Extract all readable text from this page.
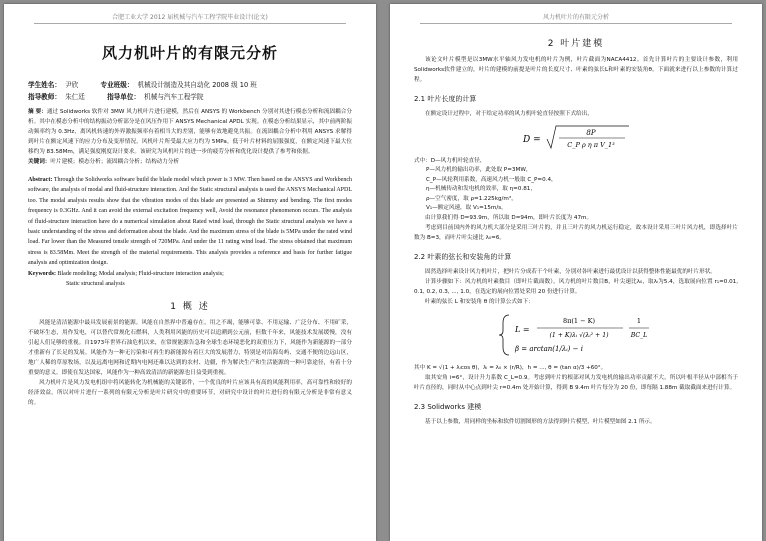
合肥工业大学 2012 届机械与汽车工程学院毕业设计(论文)
风力机叶片的有限元分析
学生姓名： 尹欣	专业班级： 机械设计制造及其自动化 2008 级 10 班
指导教师： 朱仁廷	指导单位： 机械与汽车工程学院
摘 要：通过 Solidworks 软件对 3MW 风力机叶片进行建模，然后在 ANSYS 的 Workbench 分别对其进行模态分析和流固耦合分析。其中在模态分析中的结构振动分析部分是在风压作用下 ANSYS Mechanical APDL 实现。在模态分析结果显示，其中前两阶振动频率约为 0.3Hz，离风机转速的外界激振频率有着相当大的差别，能够有效地避免共振。在流固耦合分析中利用 ANSYS 求解得到叶片在额定风速下的应力分布及变形情况，风机叶片所受最大应力约为 5MPa，低于叶片材料的屈服强度，在额定风速下最大位移约为 83.58Mm，满足强度刚度设计要求。该研究为风机叶片的进一步的疲劳分析和优化设计提供了参考和依据。
关键词：叶片建模；模态分析；流固耦合分析；结构动力分析
Abstract: Through the Solidworks software build the blade model which power is 3 MW. Then based on the ANSYS and Workbench software, the analysis of modal and fluid-structure interaction. And the Static structural analysis is used the ANSYS Mechanical APDL too. The modal analysis results show that the vibration modes of this blade are presented as Shimmy and bending. The first modes frequency is 0.3GHz. And it can avoid the external excitation frequency well, Avoid the resonance phenomenon occurs. The analysis of fluid-structure interaction have do a numerical simulation about Rated wind load, through the Static structural analysis we have a basic understanding of the stress and deformation about the blade. And the maximum stress of the blade is 5MPa under the rated wind load. Far lower than the Measured tensile strength of 720MPa. And under the 11 rating wind load. The stress obtained that maximum stress is 83.58Mm. Meet the strength of the material requirements. This analysis provides a reference and basis for further fatigue analysis and optimization design.
Keywords: Blade modeling; Modal analysis; Fluid-structure interaction analysis;
Static structural analysis
1 概 述

风能是清洁能源中最具发展前景的能源。风能在自然界中普遍存在，用之不竭，能够可靠、不用运输、广泛分布、不用矿采，不破坏生态，用作发电，可以替代常规化石燃料，人类利用风能的历史可以追溯到公元前，但数千年来，风能技术发展缓慢，没有引起人们足够的重视。自1973年世界石油危机以来，在常规能源告急和全球生态环境恶化的双重压力下，风能作为新能源的一部分才重新有了长足的发展。风能作为一种无污染和可再生的新能源有着巨大的发展潜力，特别是对沿海岛屿、交通不便的边远山区，地广人稀的草原牧场，以及远离电网和近期内电网还难以达到的农村、边疆，作为解决生产和生活能源的一种可靠途径，有着十分重要的意义。即使在发达国家，风能作为一种高效清洁的新能源也日益受到重视。

风力机叶片是风力发电机组中将风能转化为机械能的关键部件，一个优良的叶片应该具有高的风能利用率，高可靠性和较好的经济效益，所以对叶片进行一系列的有限元分析是叶片研究中的重要环节，对研究中设计的叶片进行的有限元分析是非常有意义的。

风力机叶片的有限元分析
2 叶片建模

该论文叶片模型是以3MW水平轴风力发电机的叶片为例，叶片截面为NACA4412。首先计算叶片的主要设计参数，利用Solidworks软件建立的，叶片的建模的前提是叶片的长度尺寸、叶素的弦长L和叶素的安装角θ。下面就来进行以上参数的计算过程。

2.1 叶片长度的计算

在额定设计过程中，对于给定功率的风力机叶轮直径按照下式给出，

D =
8P
C_P ρ η π V_1³

式中：D—风力机叶轮直径，

P—风力机的输出功率，此处取 P=3MW，

C_P—风轮利用系数，高速风力机一般取 C_P=0.4，

η—机械传动和发电机的效率，取 η=0.81，

ρ—空气密度，取 ρ=1.225kg/m³，

V₁—额定风速，取 V₁=15m/s。

由计算我们得 D=93.9m，所以取 D=94m，即叶片长度为 47m。

考虑到目前国内外的风力机大部分是采用三叶片的，并且三叶片的风力机运行稳定，故本设计采用三叶片风力机，即选择叶片数为 B=3，而叶片叶尖速比 λ₀=6。

2.2 叶素的弦长和安装角的计算

固然选择叶素设计风力机叶片，把叶片分成若干个叶素，分别对各叶素进行最优设计以获得整体性能最优的叶片形状。

计算步骤如下：风力机的叶素数目（即叶片截面数），风力机的叶片数目B，叶尖速比λ₀，取λᵢ为5.4，选取展向位置 r₁=0.01, 0.1, 0.2, 0.3, ..., 1.0，在选定的展向位置处采用 20 份进行计算。

叶素的弦长 L 和安装角 θ 的计算公式如下：

L =
8π(1 − K)
(1 + K)λᵢ √(λᵢ² + 1)
1
BC_L
β = arctan(1/λᵢ) − i

其中 K = √(1 + λᵢcos θ)，λᵢ = λ₀ × (r/R)，h = ..., θ = (tan α)/3 +60°。

取其安角 i=6°，设计升力系数 C_L=0.9。考虑到叶片的根部对风力发电机的输出功率贡献不大，所以叶根半径从中部相当于叶片直径的，同时从中心点到叶尖 r=0.4m 处开始计算，得到 B 9.4m 叶片每分为 20 份，即每隔 1.88m 截取截面来进行计算。

2.3 Solidworks 建模

基于以上参数，用同样的坐标和软件切割图形的方法得到叶片模型，叶片模型如图 2.1 所示。
